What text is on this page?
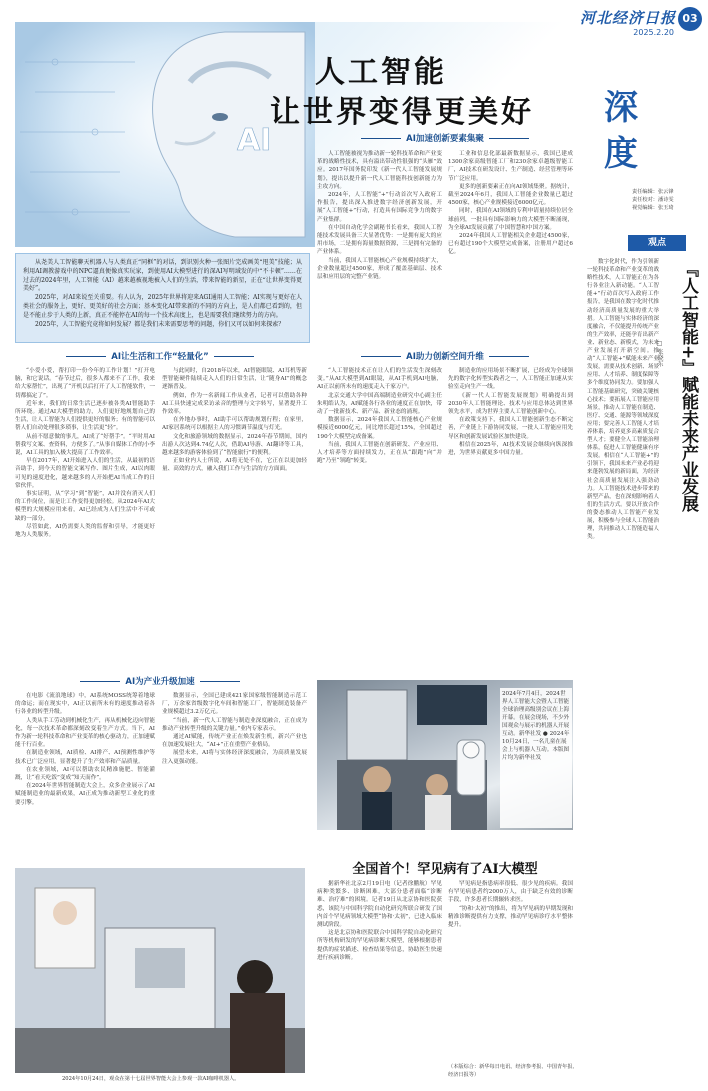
河北经济日报
2025.2.20
03
AI
人工智能
让世界变得更美好

从尧美人工智能聊天机器人与人类真正“同框”的对话，到识别火种一张图片完成画美“甩美”技能；从利用AI调教游戏中的NPC逼真便像真实玩家，到使用AI大模型进行的深AI写明域发的中“不卡顿”……在过去的2024年里，人工智能（AI）越来越被视地被入人们的生活，带来智能的新星，正在“让世界变得更美好”。

2025年，对AI来说至关重要。有人认为，2025年世界将迎来AGI通用人工智能；AI实现与更好在人类社会的服务上，更好、更美好的社会方面；基本变化AI带来新的不同的方向上，是人们都已看到的，但是不能止步于人类的上新，真正不能停在AI的每一个技术高度上，也是需要我们继续努力的方向。

2025年，人工智能究竟将如何发展？都是我们未来需要思考的问题，你们又可以如何来探索？

AI让生活和工作“轻量化”

“小爱小爱，帮打印一份今年的工作计划！”打开电脑，和它说话。“春节过后，很多人都来不了工作，我来给大家帮忙”，出现了“开机以后打开了人工智能软件，一切都搞定了”。

近年来，我们的日常生活已逐步被各类AI智能助手所环绕。通过AI大模型的助力，人们更好地规划自己的生活，让人工智能为人们提供更好的服务；有的智能可以帮人们自动处理很多琐事，让生活更“轻”。

从前不愿意做的事儿，AI成了“好帮手”。“平时用AI帮我写文案、查资料，方便多了。”从事自媒体工作的小李说，AI工具的加入极大提高了工作效率。

早在2017年，AI开始进入人们的生活，从最初的语音助手，到今天的智能文案写作、图片生成，AI以肉眼可见的速度进化，越来越多的人开始把AI当成工作的日常伙伴。

事实证明，从“学习”到“智能”，AI并没有消灭人们的工作岗位，而是让工作变得更加轻松。从2024年AI大模型的大规模应用来看，AI已经成为人们生活中不可或缺的一部分。

尽管如此，AI仍需要人类的监督和引导，才能更好地为人类服务。

与此同时，自2018年以来，AI智能眼镜、AI耳机等新型智能硬件陆续走入人们的日常生活，让“随身AI”的概念逐渐普及。

例如，作为一名新闻工作从业者，记者可以借助各种AI工具快速完成采访录音的整理与文字转写，显著提升工作效率。

在外地办事时，AI助手可以帮助规划行程；在家里，AI家居系统可以根据主人的习惯调节温度与灯光。

文化和旅游领域的数据显示，2024年春节期间，国内出游人次达到4.74亿人次，借助AI导游、AI翻译等工具，越来越多的游客体验到了“智能旅行”的便利。

正如业内人士所说，AI将无处不在，它正在以更加轻量、高效的方式，融入我们工作与生活的方方面面。

AI为产业升级加速

在电影《流浪地球》中，AI系统MOSS统筹着地球的命运；而在现实中，AI正以前所未有的速度推动着各行各业的转型升级。

人类从手工劳动到机械化生产，再从机械化迈向智能化，每一次技术革命都深刻改变着生产方式。当下，AI作为新一轮科技革命和产业变革的核心驱动力，正加速赋能千行百业。

在制造业领域，AI质检、AI排产、AI预测性维护等技术已广泛应用，显著提升了生产效率和产品质量。

在农业领域，AI可以帮助农民精准施肥、智能灌溉，让“看天吃饭”变成“知天而作”。

在2024年世界智能制造大会上，众多企业展示了AI赋能制造业的最新成果，AI正成为推动新型工业化的重要引擎。

数据显示，全国已建成421家国家级智能制造示范工厂，万余家省级数字化车间和智能工厂，智能制造装备产业规模超过3.2万亿元。

“当前，新一代人工智能与制造业深度融合，正在成为推动产业转型升级的关键力量。”业内专家表示。

通过AI赋能，传统产业正在焕发新生机，新兴产业也在加速发展壮大，“AI+”正在重塑产业格局。

展望未来，AI将与实体经济深度融合，为高质量发展注入更强动能。

AI加速创新要素集聚

人工智能被视为推动新一轮科技革命和产业变革的战略性技术，具有溢出带动性很强的“头雁”效应。2017年国务院印发《新一代人工智能发展规划》，提出以提升新一代人工智能科技创新能力为主攻方向。

2024年，人工智能“+”行动首次写入政府工作报告，提出深入推进数字经济创新发展，开展“人工智能+”行动，打造具有国际竞争力的数字产业集群。

在中国自动化学会副秘书长看来，我国人工智能技术发展具备三大显著优势：一是拥有庞大的应用市场，二是拥有海量数据资源，三是拥有完备的产业体系。

当前，我国人工智能核心产业规模持续扩大，企业数量超过4500家，形成了覆盖基础层、技术层和应用层的完整产业链。

工业和信息化部最新数据显示，我国已建成1300余家高级智能工厂和230余家卓越级智能工厂，AI技术在研发设计、生产制造、经营管理等环节广泛应用。

更多的创新要素正在向AI领域集聚。据统计，截至2024年6月，我国人工智能企业数量已超过4500家，核心产业规模接近6000亿元。

同时，我国在AI领域的专利申请量持续位居全球前列，一批具有国际影响力的大模型不断涌现，为全球AI发展贡献了中国智慧和中国方案。

2024年我国人工智能相关企业超过4500家，已有超过190个大模型完成备案，注册用户超过6亿。

AI助力创新空间升维

“人工智能技术正在让人们的生活发生深刻改变。”从AI大模型到AI眼镜，从AI手机到AI电脑，AI正以前所未有的速度走入千家万户。

北京交通大学中国高端制造业研究中心副主任朱明皓认为，AI赋能各行各业的速度正在加快，带动了一批新技术、新产品、新业态的涌现。

数据显示，2024年我国人工智能核心产业规模接近6000亿元，同比增长超过15%，全国超过190个大模型完成备案。

当前，我国人工智能在创新研发、产业应用、人才培养等方面持续发力，正在从“跟跑”向“并跑”乃至“领跑”转变。

制造业的应用场景不断扩展，已经成为全球领先的数字化转型实践者之一，人工智能正加速从实验室走向生产一线。

《新一代人工智能发展规划》明确提出到2030年人工智能理论、技术与应用总体达到世界领先水平，成为世界主要人工智能创新中心。

在政策支持下，我国人工智能创新生态不断完善，产业链上下游协同发展，一批人工智能应用先导区和创新发展试验区加快建设。

相信在2025年，AI技术发展会继续向纵深推进，为世界贡献更多中国力量。

2024年7月4日，2024世界人工智能大会暨人工智能全球治理高级别会议在上海开幕。在展会现场，不少外国观众与展示的机器人开展互动。新华社发 ● 2024年10月24日，一名儿童在展会上与机器人互动。本版图片均为新华社发
全国首个！罕见病有了AI大模型

据新华社北京2月19日电（记者徐鹏航）罕见病种类繁多、诊断困难，大部分患者面临“诊断难、治疗难”的困境。记者19日从北京协和医院获悉，该院与中国科学院自动化研究所联合研发了国内首个罕见病领域大模型“协和·太初”，已进入临床测试阶段。

这是北京协和医院联合中国科学院自动化研究所等机构研发的罕见病诊断大模型，能够根据患者提供的症状描述、检查结果等信息，协助医生快速进行疾病诊断。

罕见病是指患病率很低、很少见的疾病。我国有罕见病患者约2000万人，由于缺乏有效的诊断手段，许多患者长期辗转求医。

“协和·太初”的推出，将为罕见病的早期发现和精准诊断提供有力支撑，推动罕见病诊疗水平整体提升。

（本版综合：新华每日电讯、经济参考报、中国青年报、经济日报等）
2024年10月24日，观众在第十七届世界智能大会上参观一款AI咖啡机器人。
深
度
责任编辑：张云锋
责任校对：潘诗雯
视觉编辑：张玉琦
观点
『人工智能+』赋能未来产业发展
□ 张晓东

数字化时代，作为引领新一轮科技革命和产业变革的战略性技术，人工智能正在为各行各业注入新动能。“人工智能+”行动首次写入政府工作报告，是我国在数字化时代推动经济高质量发展的重大举措。人工智能与实体经济的深度融合，不仅能提升传统产业的生产效率，还能孕育出新产业、新业态、新模式，为未来产业发展打开新空间。推动“人工智能+”赋能未来产业发展，需要从技术创新、场景应用、人才培养、制度保障等多个维度协同发力。要加强人工智能基础研究，突破关键核心技术；要拓展人工智能应用场景，推动人工智能在制造、医疗、交通、能源等领域深度应用；要完善人工智能人才培养体系，培养更多高素质复合型人才；要健全人工智能治理体系，促进人工智能健康有序发展。相信在“人工智能+”的引领下，我国未来产业必将迎来蓬勃发展的新局面，为经济社会高质量发展注入强劲动力。人工智能技术进步带来的新型产品，也在深刻影响着人们的生活方式。要以开放合作的姿态推动人工智能产业发展，积极参与全球人工智能治理，共同推动人工智能造福人类。
